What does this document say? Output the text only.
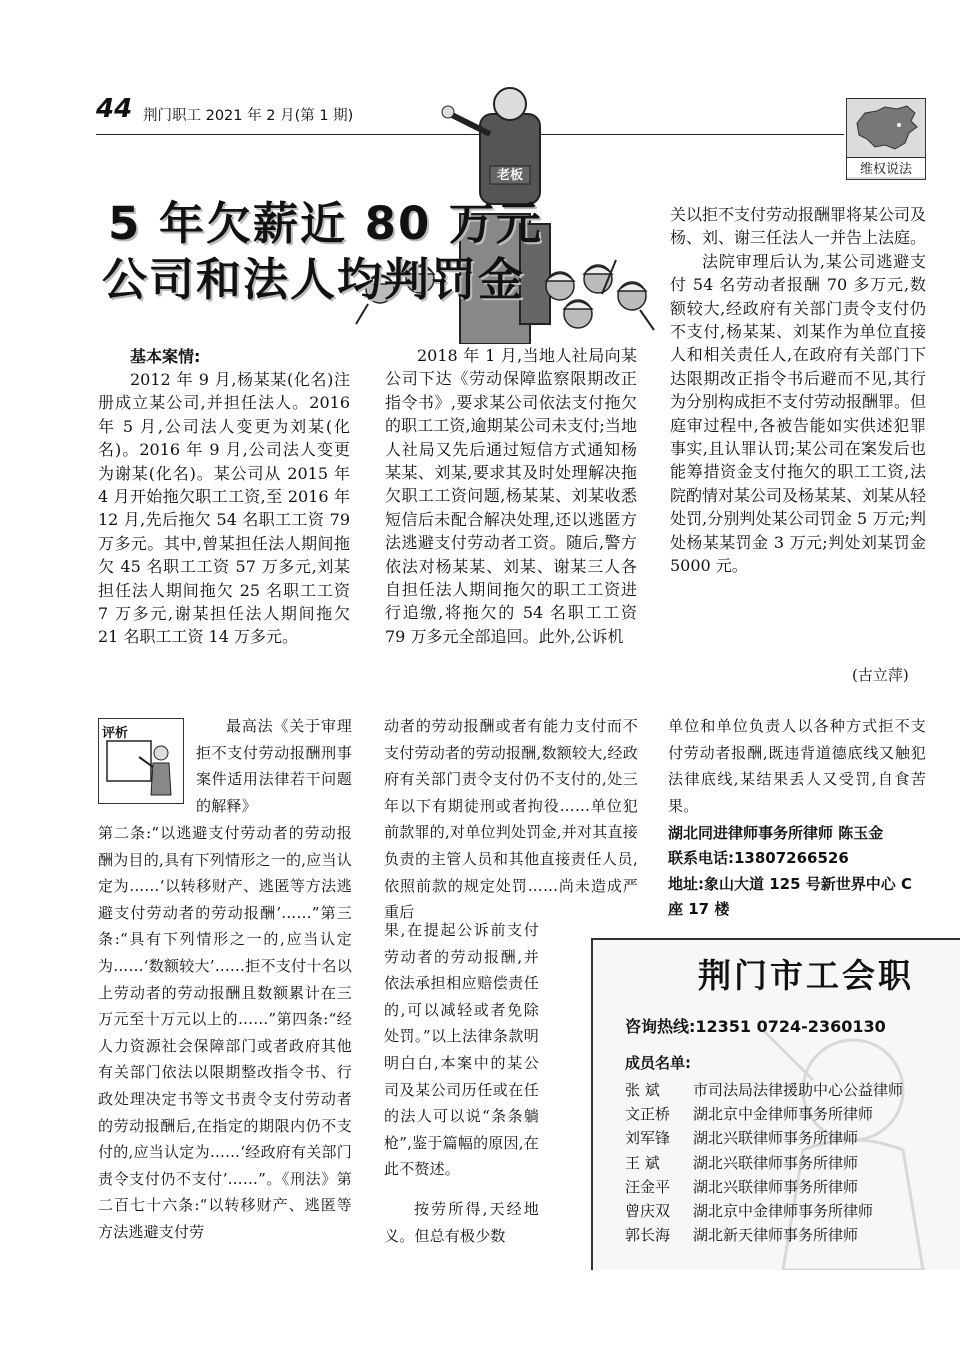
44 荆门职工 2021 年 2 月(第 1 期)
维权说法
老板
5 年欠薪近 80 万元
公司和法人均判罚金
基本案情:

2012 年 9 月,杨某某(化名)注册成立某公司,并担任法人。2016 年 5 月,公司法人变更为刘某(化名)。2016 年 9 月,公司法人变更为谢某(化名)。某公司从 2015 年 4 月开始拖欠职工工资,至 2016 年 12 月,先后拖欠 54 名职工工资 79 万多元。其中,曾某担任法人期间拖欠 45 名职工工资 57 万多元,刘某担任法人期间拖欠 25 名职工工资 7 万多元,谢某担任法人期间拖欠 21 名职工工资 14 万多元。

2018 年 1 月,当地人社局向某公司下达《劳动保障监察限期改正指令书》,要求某公司依法支付拖欠的职工工资,逾期某公司未支付;当地人社局又先后通过短信方式通知杨某某、刘某,要求其及时处理解决拖欠职工工资问题,杨某某、刘某收悉短信后未配合解决处理,还以逃匿方法逃避支付劳动者工资。随后,警方依法对杨某某、刘某、谢某三人各自担任法人期间拖欠的职工工资进行追缴,将拖欠的 54 名职工工资 79 万多元全部追回。此外,公诉机

关以拒不支付劳动报酬罪将某公司及杨、刘、谢三任法人一并告上法庭。

法院审理后认为,某公司逃避支付 54 名劳动者报酬 70 多万元,数额较大,经政府有关部门责令支付仍不支付,杨某某、刘某作为单位直接人和相关责任人,在政府有关部门下达限期改正指令书后避而不见,其行为分别构成拒不支付劳动报酬罪。但庭审过程中,各被告能如实供述犯罪事实,且认罪认罚;某公司在案发后也能筹措资金支付拖欠的职工工资,法院酌情对某公司及杨某某、刘某从轻处罚,分别判处某公司罚金 5 万元;判处杨某某罚金 3 万元;判处刘某罚金 5000 元。

(古立萍)
评析	最高法《关于审理拒不支付劳动报酬刑事案件适用法律若干问题的解释》

第二条:“以逃避支付劳动者的劳动报酬为目的,具有下列情形之一的,应当认定为……‘以转移财产、逃匿等方法逃避支付劳动者的劳动报酬’……”第三条:“具有下列情形之一的,应当认定为……‘数额较大’……拒不支付十名以上劳动者的劳动报酬且数额累计在三万元至十万元以上的……”第四条:“经人力资源社会保障部门或者政府其他有关部门依法以限期整改指令书、行政处理决定书等文书责令支付劳动者的劳动报酬后,在指定的期限内仍不支付的,应当认定为……‘经政府有关部门责令支付仍不支付’……”。《刑法》第二百七十六条:“以转移财产、逃匿等方法逃避支付劳

动者的劳动报酬或者有能力支付而不支付劳动者的劳动报酬,数额较大,经政府有关部门责令支付仍不支付的,处三年以下有期徒刑或者拘役……单位犯前款罪的,对单位判处罚金,并对其直接负责的主管人员和其他直接责任人员,依照前款的规定处罚……尚未造成严重后

果,在提起公诉前支付劳动者的劳动报酬,并依法承担相应赔偿责任的,可以减轻或者免除处罚。”以上法律条款明明白白,本案中的某公司及某公司历任或在任的法人可以说“条条躺枪”,鉴于篇幅的原因,在此不赘述。

按劳所得,天经地义。但总有极少数

单位和单位负责人以各种方式拒不支付劳动者报酬,既违背道德底线又触犯法律底线,某结果丢人又受罚,自食苦果。

湖北同进律师事务所律师 陈玉金
联系电话:13807266526
地址:象山大道 125 号新世界中心 C 座 17 楼
荆门市工会职
咨询热线:12351 0724-2360130
成员名单:
张 斌	市司法局法律援助中心公益律师
文正桥	湖北京中金律师事务所律师
刘军锋	湖北兴联律师事务所律师
王 斌	湖北兴联律师事务所律师
汪金平	湖北兴联律师事务所律师
曾庆双	湖北京中金律师事务所律师
郭长海	湖北新天律师事务所律师
